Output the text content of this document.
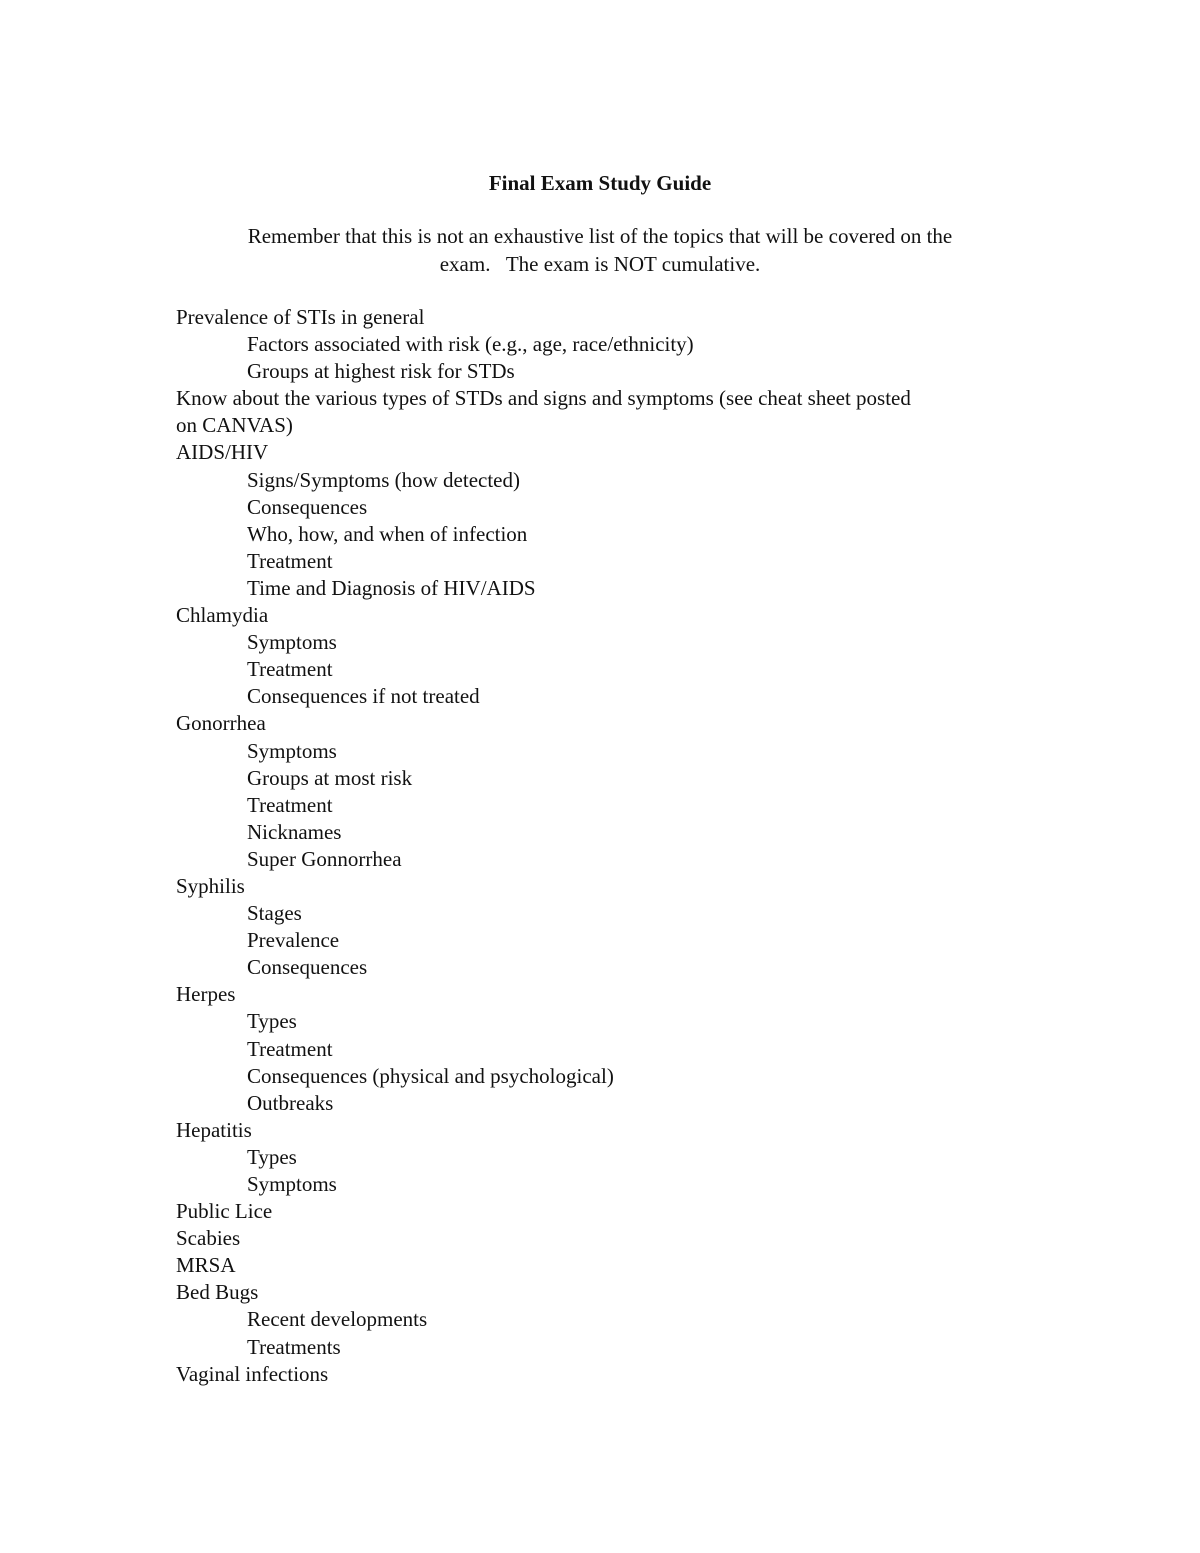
Final Exam Study Guide
Remember that this is not an exhaustive list of the topics that will be covered on the
exam.   The exam is NOT cumulative.
Prevalence of STIs in general
Factors associated with risk (e.g., age, race/ethnicity)
Groups at highest risk for STDs
Know about the various types of STDs and signs and symptoms (see cheat sheet posted
on CANVAS)
AIDS/HIV
Signs/Symptoms (how detected)
Consequences
Who, how, and when of infection
Treatment
Time and Diagnosis of HIV/AIDS
Chlamydia
Symptoms
Treatment
Consequences if not treated
Gonorrhea
Symptoms
Groups at most risk
Treatment
Nicknames
Super Gonnorrhea
Syphilis
Stages
Prevalence
Consequences
Herpes
Types
Treatment
Consequences (physical and psychological)
Outbreaks
Hepatitis
Types
Symptoms
Public Lice
Scabies
MRSA
Bed Bugs
Recent developments
Treatments
Vaginal infections
